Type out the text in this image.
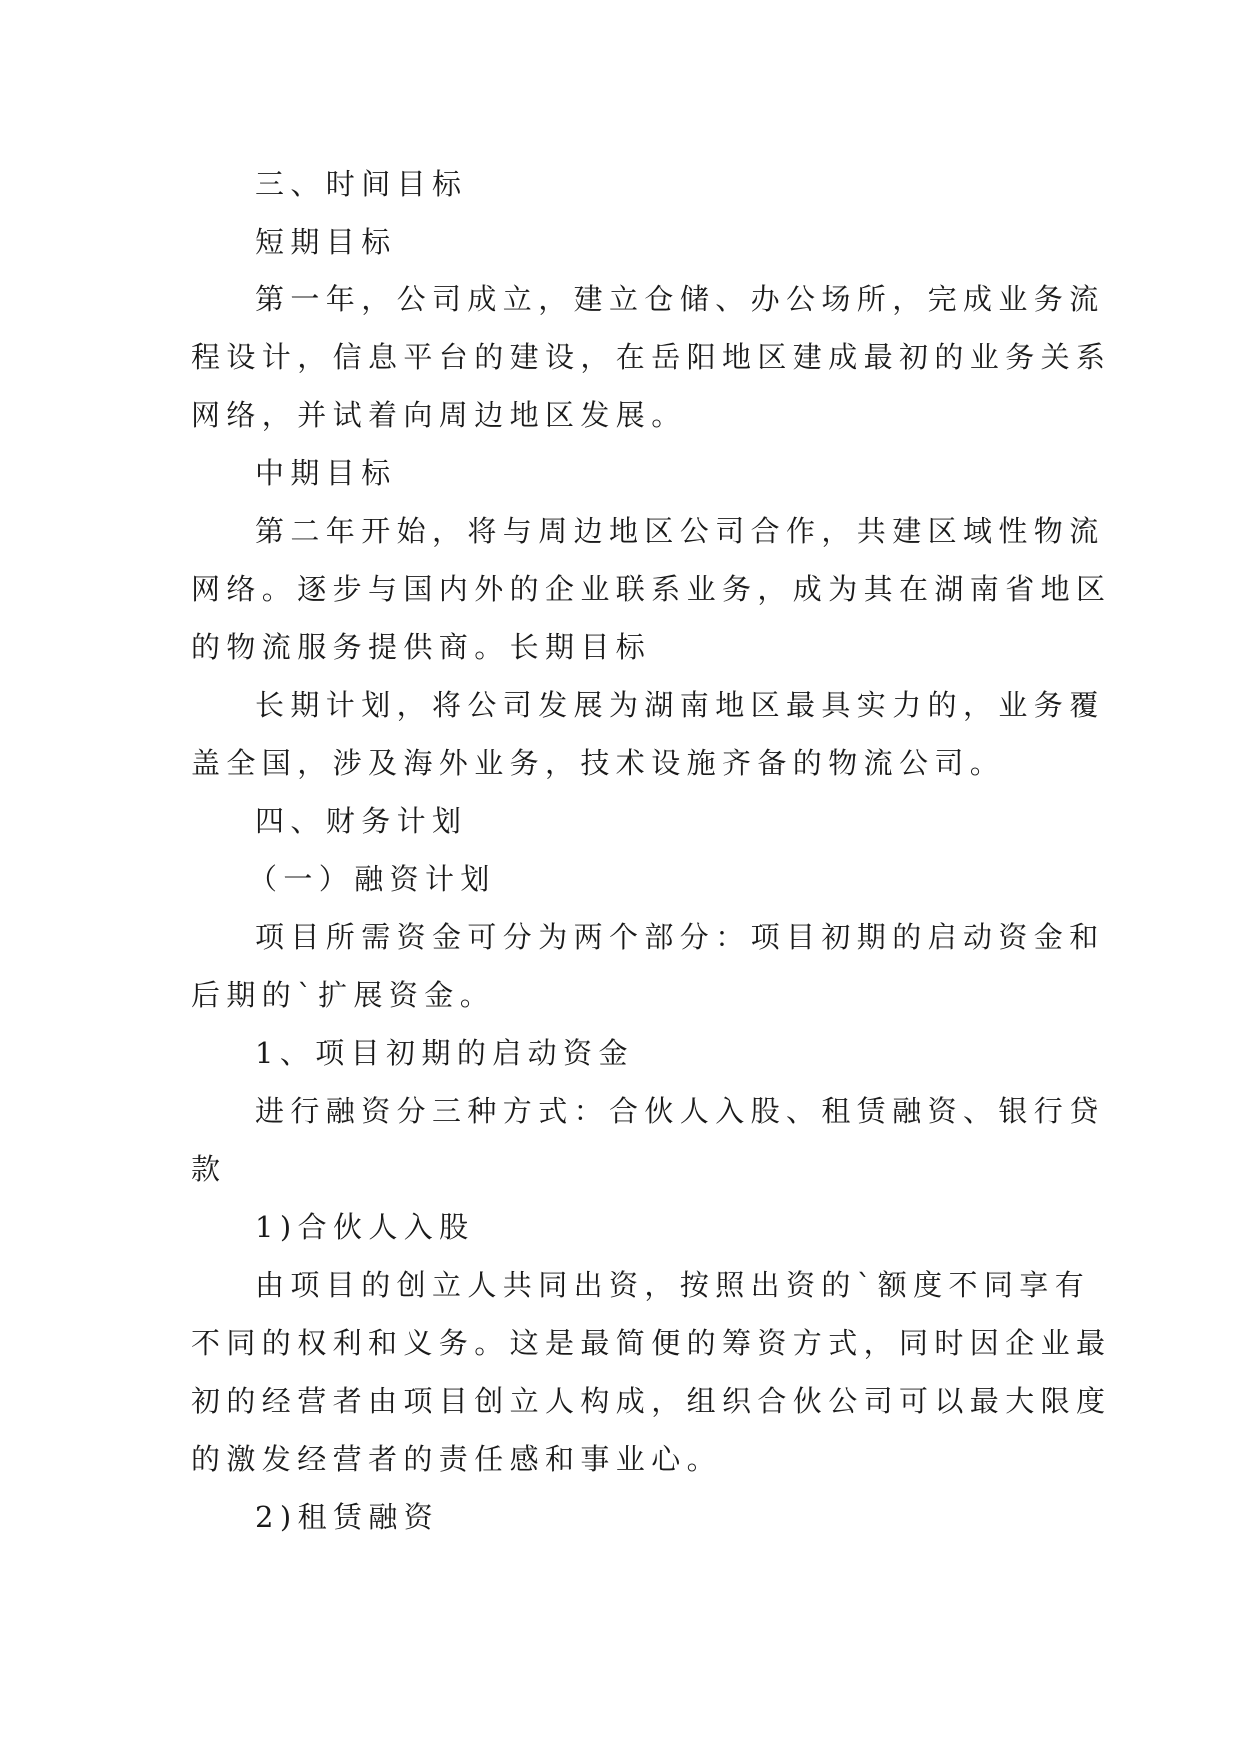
三、时间目标
短期目标
第一年，公司成立，建立仓储、办公场所，完成业务流
程设计，信息平台的建设，在岳阳地区建成最初的业务关系
网络，并试着向周边地区发展。
中期目标
第二年开始，将与周边地区公司合作，共建区域性物流
网络。逐步与国内外的企业联系业务，成为其在湖南省地区
的物流服务提供商。长期目标
长期计划，将公司发展为湖南地区最具实力的，业务覆
盖全国，涉及海外业务，技术设施齐备的物流公司。
四、财务计划
（一）融资计划
项目所需资金可分为两个部分：项目初期的启动资金和
后期的`扩展资金。
1、项目初期的启动资金
进行融资分三种方式：合伙人入股、租赁融资、银行贷
款
1)合伙人入股
由项目的创立人共同出资，按照出资的`额度不同享有
不同的权利和义务。这是最简便的筹资方式，同时因企业最
初的经营者由项目创立人构成，组织合伙公司可以最大限度
的激发经营者的责任感和事业心。
2)租赁融资
